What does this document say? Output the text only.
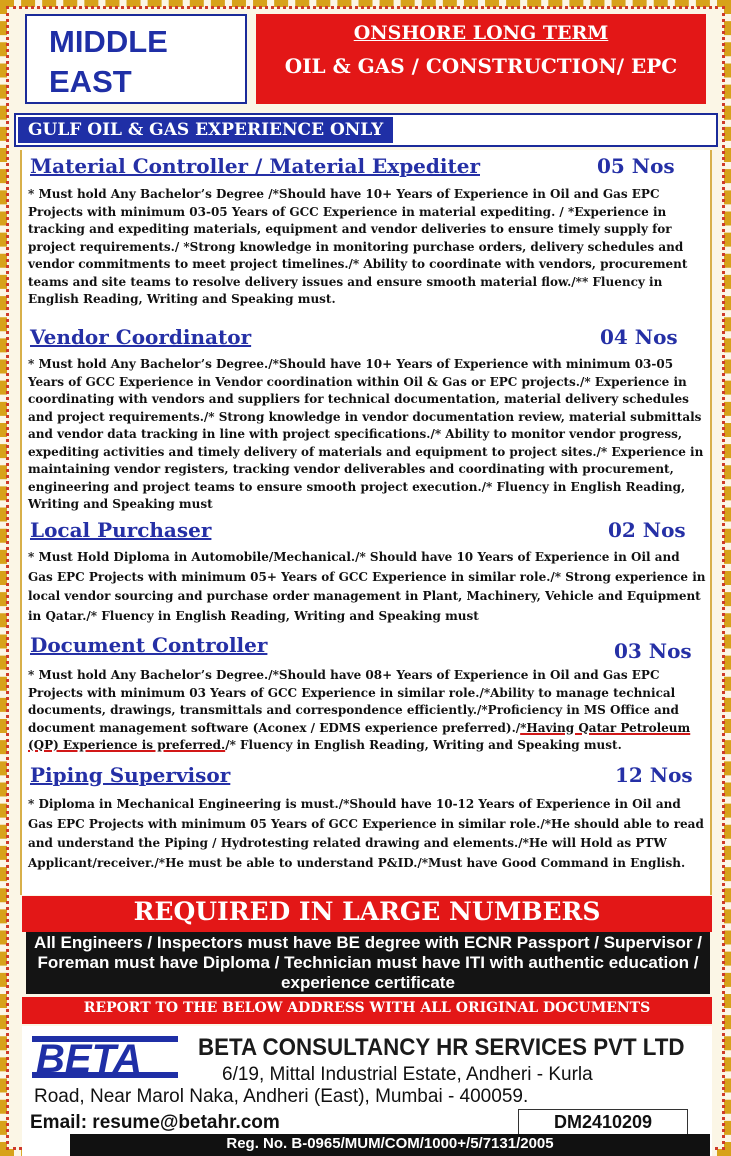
MIDDLE
EAST
ONSHORE LONG TERM
OIL & GAS / CONSTRUCTION/ EPC
GULF OIL & GAS EXPERIENCE ONLY
Material Controller / Material Expediter	05 Nos
* Must hold Any Bachelor’s Degree /*Should have 10+ Years of Experience in Oil and Gas EPC Projects with minimum 03-05 Years of GCC Experience in material expediting. / *Experience in tracking and expediting materials, equipment and vendor deliveries to ensure timely supply for project requirements./ *Strong knowledge in monitoring purchase orders, delivery schedules and vendor commitments to meet project timelines./* Ability to coordinate with vendors, procurement teams and site teams to resolve delivery issues and ensure smooth material flow./** Fluency in English Reading, Writing and Speaking must.
Vendor Coordinator	04 Nos
* Must hold Any Bachelor’s Degree./*Should have 10+ Years of Experience with minimum 03-05 Years of GCC Experience in Vendor coordination within Oil & Gas or EPC projects./* Experience in coordinating with vendors and suppliers for technical documentation, material delivery schedules and project requirements./* Strong knowledge in vendor documentation review, material submittals and vendor data tracking in line with project specifications./* Ability to monitor vendor progress, expediting activities and timely delivery of materials and equipment to project sites./* Experience in maintaining vendor registers, tracking vendor deliverables and coordinating with procurement, engineering and project teams to ensure smooth project execution./* Fluency in English Reading, Writing and Speaking must
Local Purchaser	02 Nos
* Must Hold Diploma in Automobile/Mechanical./* Should have 10 Years of Experience in Oil and Gas EPC Projects with minimum 05+ Years of GCC Experience in similar role./* Strong experience in local vendor sourcing and purchase order management in Plant, Machinery, Vehicle and Equipment in Qatar./* Fluency in English Reading, Writing and Speaking must
Document Controller	03 Nos
* Must hold Any Bachelor’s Degree./*Should have 08+ Years of Experience in Oil and Gas EPC Projects with minimum 03 Years of GCC Experience in similar role./*Ability to manage technical documents, drawings, transmittals and correspondence efficiently./*Proficiency in MS Office and document management software (Aconex / EDMS experience preferred)./*Having Qatar Petroleum (QP) Experience is preferred./* Fluency in English Reading, Writing and Speaking must.
Piping Supervisor	12 Nos
* Diploma in Mechanical Engineering is must./*Should have 10-12 Years of Experience in Oil and Gas EPC Projects with minimum 05 Years of GCC Experience in similar role./*He should able to read and understand the Piping / Hydrotesting related drawing and elements./*He will Hold as PTW Applicant/receiver./*He must be able to understand P&ID./*Must have Good Command in English.
REQUIRED IN LARGE NUMBERS
All Engineers / Inspectors must have BE degree with ECNR Passport / Supervisor / Foreman must have Diploma / Technician must have ITI with authentic education / experience certificate
REPORT TO THE BELOW ADDRESS WITH ALL ORIGINAL DOCUMENTS
BETA BETA CONSULTANCY HR SERVICES PVT LTD
6/19, Mittal Industrial Estate, Andheri - Kurla
Road, Near Marol Naka, Andheri (East), Mumbai - 400059.
Email: resume@betahr.com	DM2410209
Reg. No. B-0965/MUM/COM/1000+/5/7131/2005
